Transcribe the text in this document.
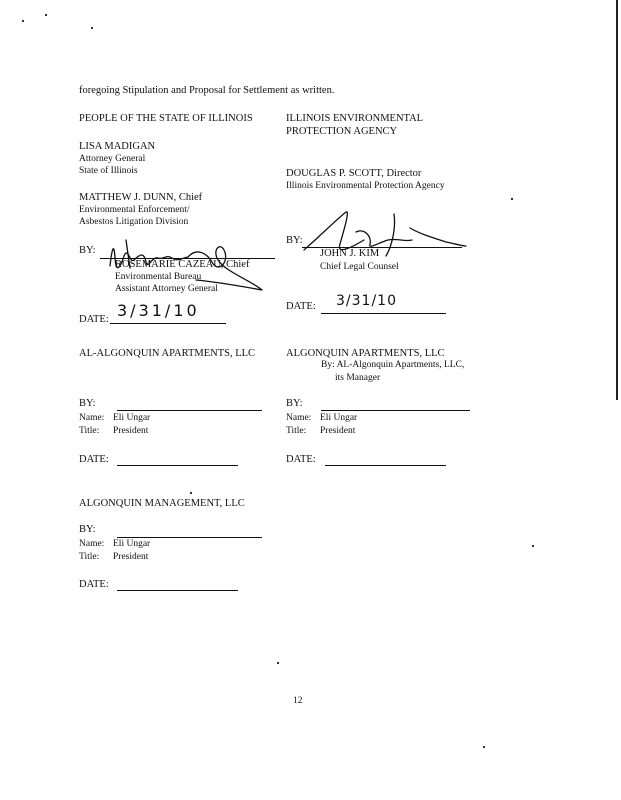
foregoing Stipulation and Proposal for Settlement as written.
PEOPLE OF THE STATE OF ILLINOIS
LISA MADIGAN
Attorney General
State of Illinois
MATTHEW J. DUNN, Chief
Environmental Enforcement/
Asbestos Litigation Division
BY:
ROSEMARIE CAZEAU, Chief
Environmental Bureau
Assistant Attorney General
DATE: 3/31/10
ILLINOIS ENVIRONMENTAL
PROTECTION AGENCY
DOUGLAS P. SCOTT, Director
Illinois Environmental Protection Agency
BY:
JOHN J. KIM
Chief Legal Counsel
DATE: 3/31/10
AL-ALGONQUIN APARTMENTS, LLC
BY:
Name: Eli Ungar
Title: President
DATE:
ALGONQUIN APARTMENTS, LLC
By: AL-Algonquin Apartments, LLC,
its Manager
BY:
Name: Eli Ungar
Title: President
DATE:
ALGONQUIN MANAGEMENT, LLC
BY:
Name: Eli Ungar
Title: President
DATE:
12
